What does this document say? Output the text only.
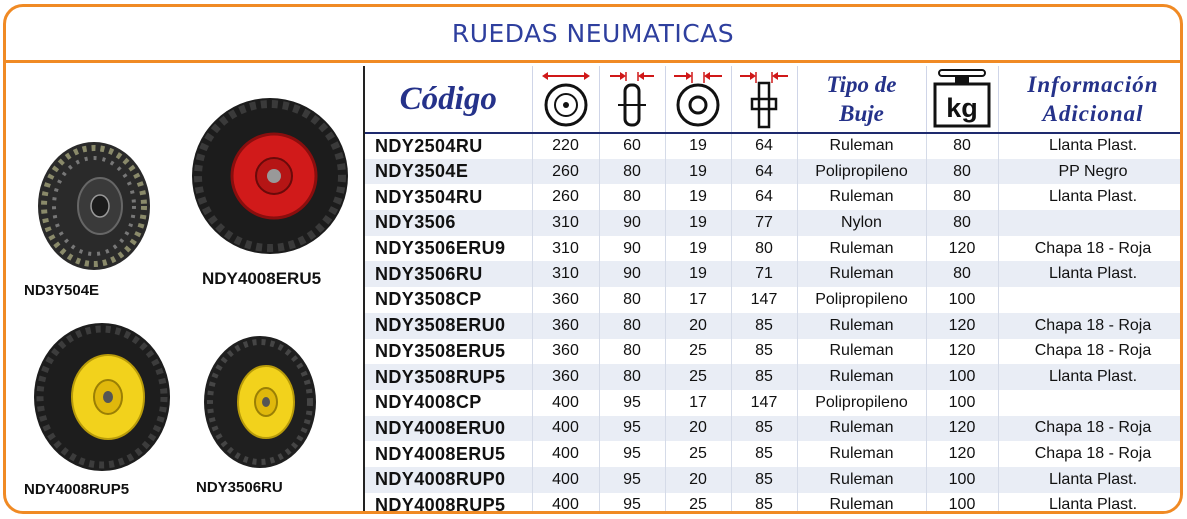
RUEDAS NEUMATICAS
ND3Y504E
NDY4008ERU5
NDY4008RUP5	NDY3506RU
Código					Tipo de
Buje	kg	Información
Adicional

NDY2504RU	220	60	19	64	Ruleman	80	Llanta Plast.
NDY3504E	260	80	19	64	Polipropileno	80	PP Negro
NDY3504RU	260	80	19	64	Ruleman	80	Llanta Plast.
NDY3506	310	90	19	77	Nylon	80	
NDY3506ERU9	310	90	19	80	Ruleman	120	Chapa 18 - Roja
NDY3506RU	310	90	19	71	Ruleman	80	Llanta Plast.
NDY3508CP	360	80	17	147	Polipropileno	100	
NDY3508ERU0	360	80	20	85	Ruleman	120	Chapa 18 - Roja
NDY3508ERU5	360	80	25	85	Ruleman	120	Chapa 18 - Roja
NDY3508RUP5	360	80	25	85	Ruleman	100	Llanta Plast.
NDY4008CP	400	95	17	147	Polipropileno	100	
NDY4008ERU0	400	95	20	85	Ruleman	120	Chapa 18 - Roja
NDY4008ERU5	400	95	25	85	Ruleman	120	Chapa 18 - Roja
NDY4008RUP0	400	95	20	85	Ruleman	100	Llanta Plast.
NDY4008RUP5	400	95	25	85	Ruleman	100	Llanta Plast.
